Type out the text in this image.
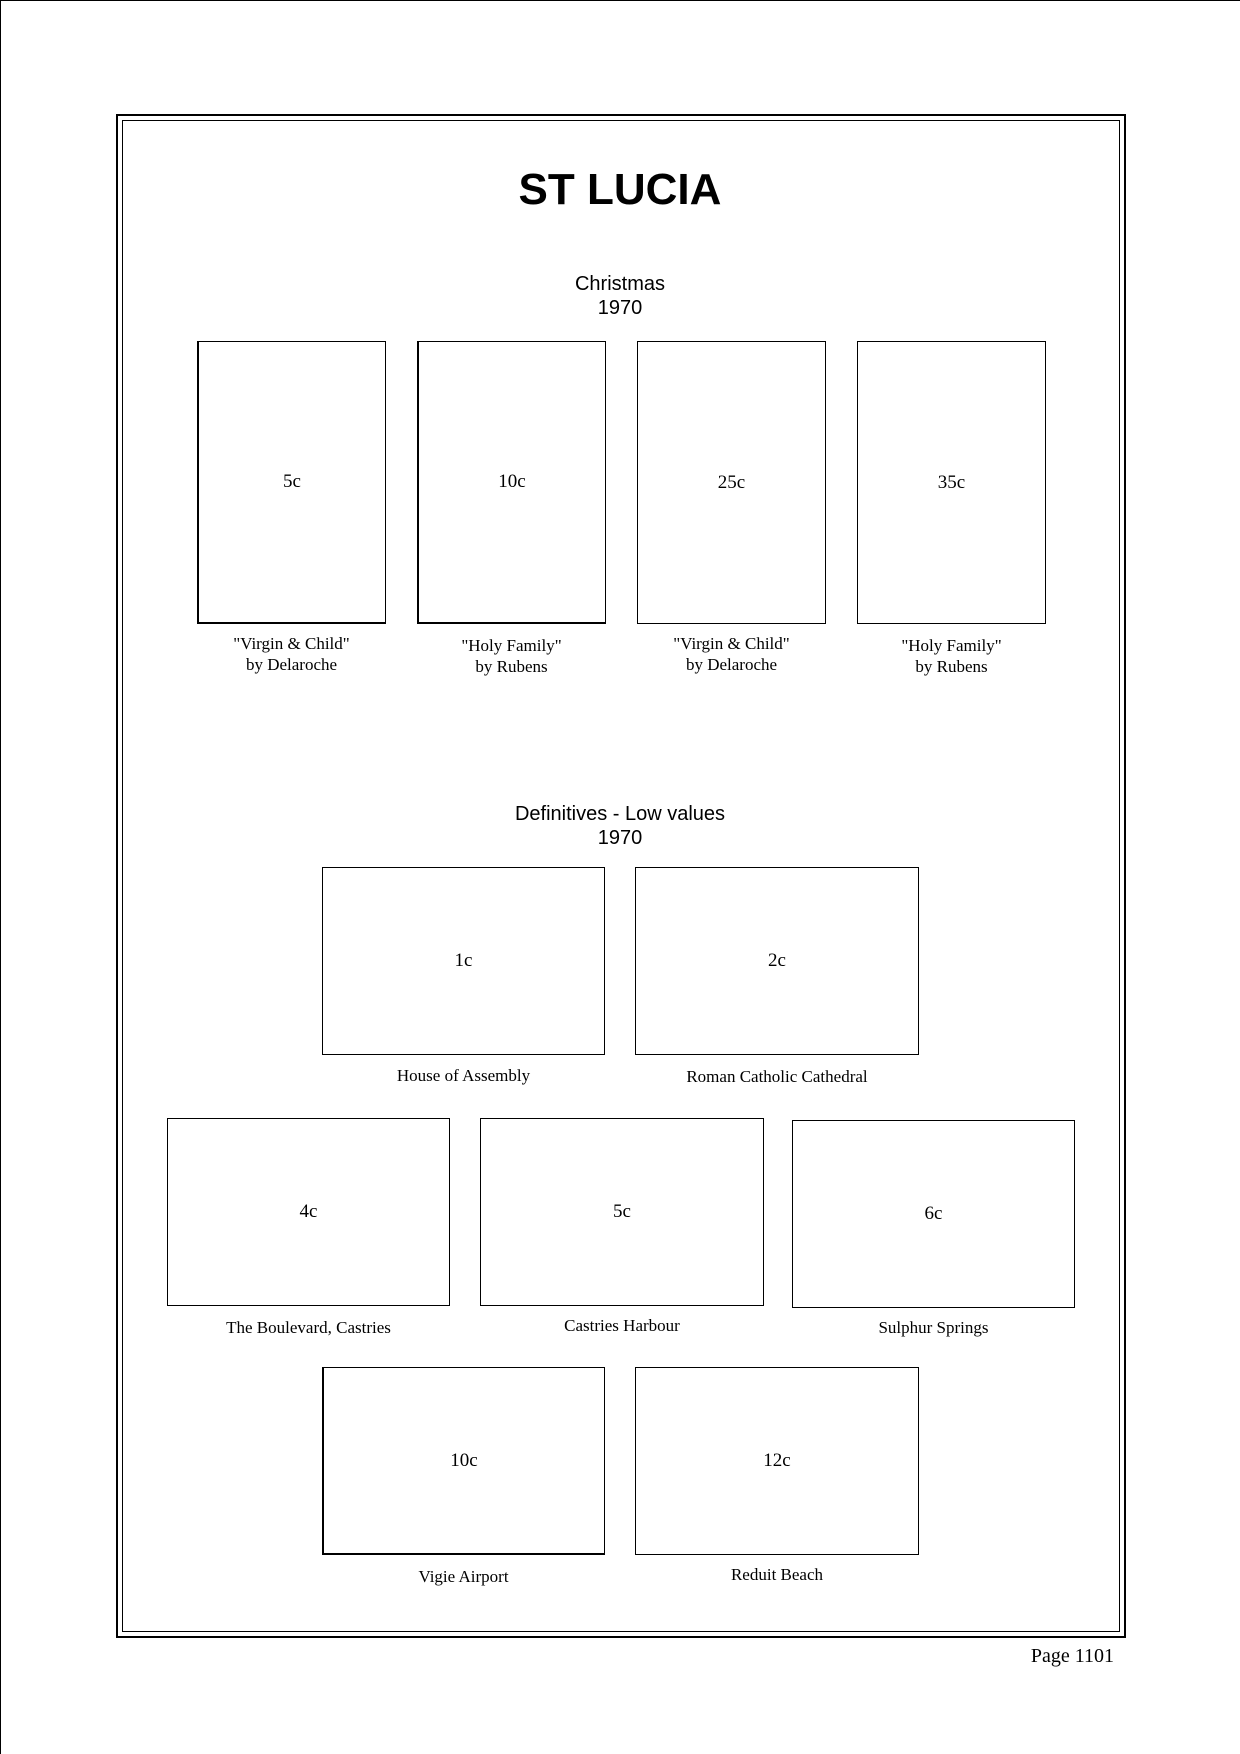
ST LUCIA
Christmas
1970
5c
"Virgin & Child"
by Delaroche
10c
"Holy Family"
by Rubens
25c
"Virgin & Child"
by Delaroche
35c
"Holy Family"
by Rubens
Definitives - Low values
1970
1c
House of Assembly
2c
Roman Catholic Cathedral
4c
The Boulevard, Castries
5c
Castries Harbour
6c
Sulphur Springs
10c
Vigie Airport
12c
Reduit Beach
Page 1101
